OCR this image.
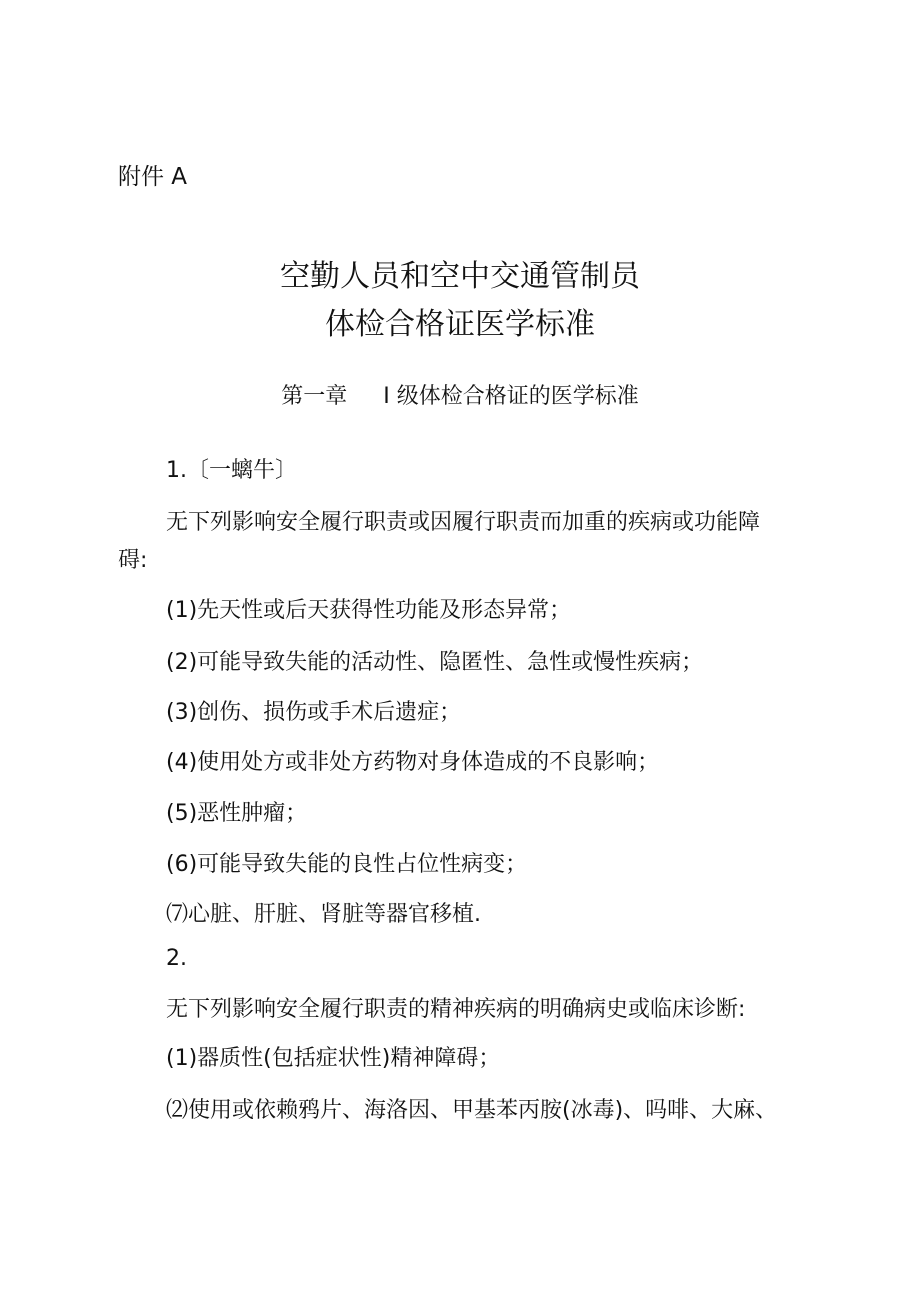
附件 A
空勤人员和空中交通管制员
体检合格证医学标准
第一章 I 级体检合格证的医学标准
1.〔一螭牛〕
无下列影响安全履行职责或因履行职责而加重的疾病或功能障
碍:
(1)先天性或后天获得性功能及形态异常；
(2)可能导致失能的活动性、隐匿性、急性或慢性疾病；
(3)创伤、损伤或手术后遗症；
(4)使用处方或非处方药物对身体造成的不良影响；
(5)恶性肿瘤；
(6)可能导致失能的良性占位性病变；
⑺心脏、肝脏、肾脏等器官移植.
2.
无下列影响安全履行职责的精神疾病的明确病史或临床诊断:
(1)器质性(包括症状性)精神障碍；
⑵使用或依赖鸦片、海洛因、甲基苯丙胺(冰毒)、吗啡、大麻、
